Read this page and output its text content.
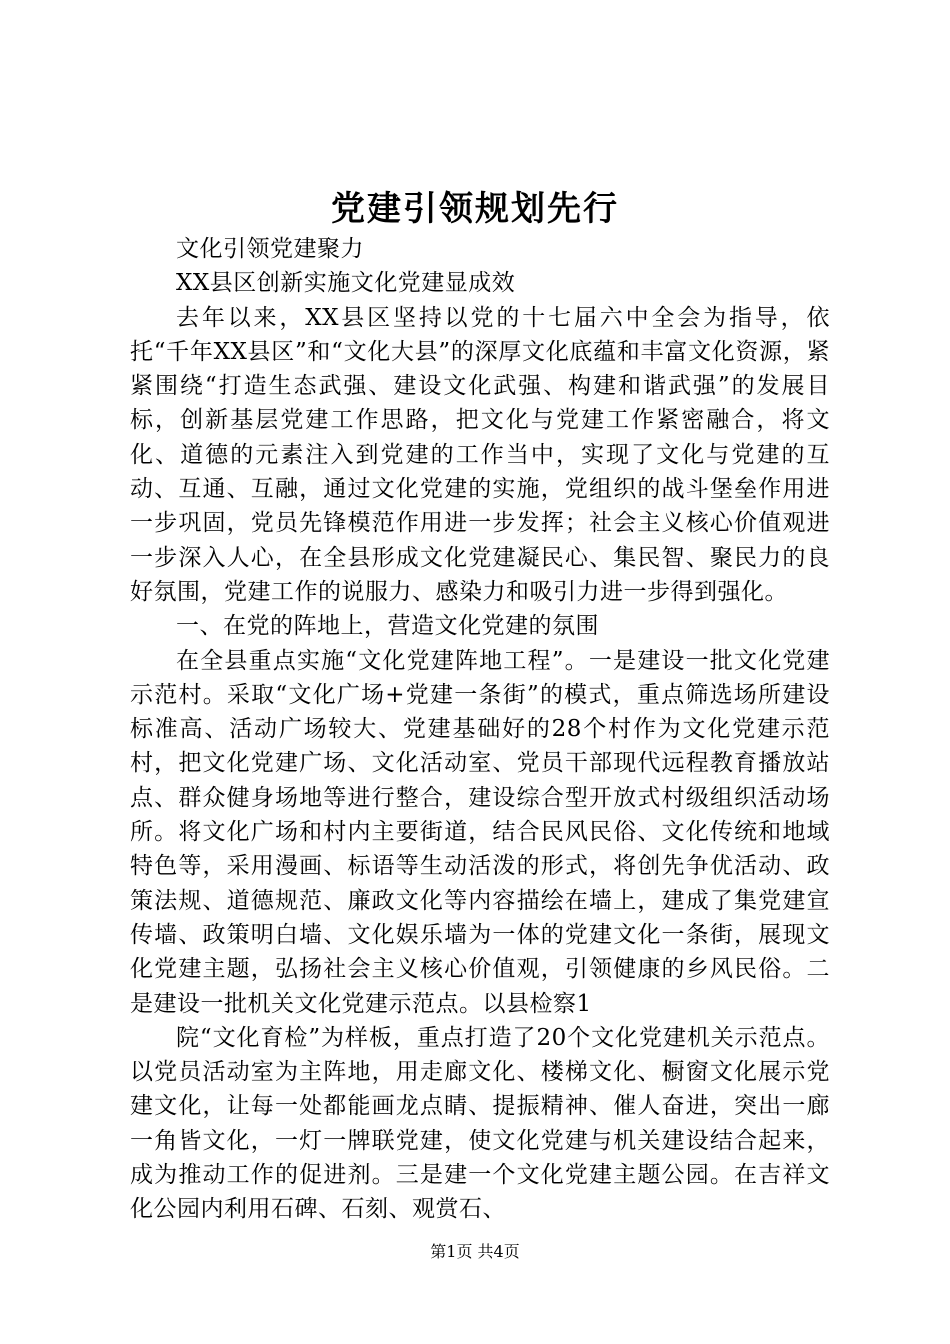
党建引领规划先行

文化引领党建聚力

XX县区创新实施文化党建显成效

去年以来，XX县区坚持以党的十七届六中全会为指导，依托“千年XX县区”和“文化大县”的深厚文化底蕴和丰富文化资源，紧紧围绕“打造生态武强、建设文化武强、构建和谐武强”的发展目标，创新基层党建工作思路，把文化与党建工作紧密融合，将文化、道德的元素注入到党建的工作当中，实现了文化与党建的互动、互通、互融，通过文化党建的实施，党组织的战斗堡垒作用进一步巩固，党员先锋模范作用进一步发挥；社会主义核心价值观进一步深入人心，在全县形成文化党建凝民心、集民智、聚民力的良好氛围，党建工作的说服力、感染力和吸引力进一步得到强化。

一、在党的阵地上，营造文化党建的氛围

在全县重点实施“文化党建阵地工程”。一是建设一批文化党建示范村。采取“文化广场+党建一条街”的模式，重点筛选场所建设标准高、活动广场较大、党建基础好的28个村作为文化党建示范村，把文化党建广场、文化活动室、党员干部现代远程教育播放站点、群众健身场地等进行整合，建设综合型开放式村级组织活动场所。将文化广场和村内主要街道，结合民风民俗、文化传统和地域特色等，采用漫画、标语等生动活泼的形式，将创先争优活动、政策法规、道德规范、廉政文化等内容描绘在墙上，建成了集党建宣传墙、政策明白墙、文化娱乐墙为一体的党建文化一条街，展现文化党建主题，弘扬社会主义核心价值观，引领健康的乡风民俗。二是建设一批机关文化党建示范点。以县检察1

院“文化育检”为样板，重点打造了20个文化党建机关示范点。以党员活动室为主阵地，用走廊文化、楼梯文化、橱窗文化展示党建文化，让每一处都能画龙点睛、提振精神、催人奋进，突出一廊一角皆文化，一灯一牌联党建，使文化党建与机关建设结合起来，成为推动工作的促进剂。三是建一个文化党建主题公园。在吉祥文化公园内利用石碑、石刻、观赏石、

第1页 共4页
